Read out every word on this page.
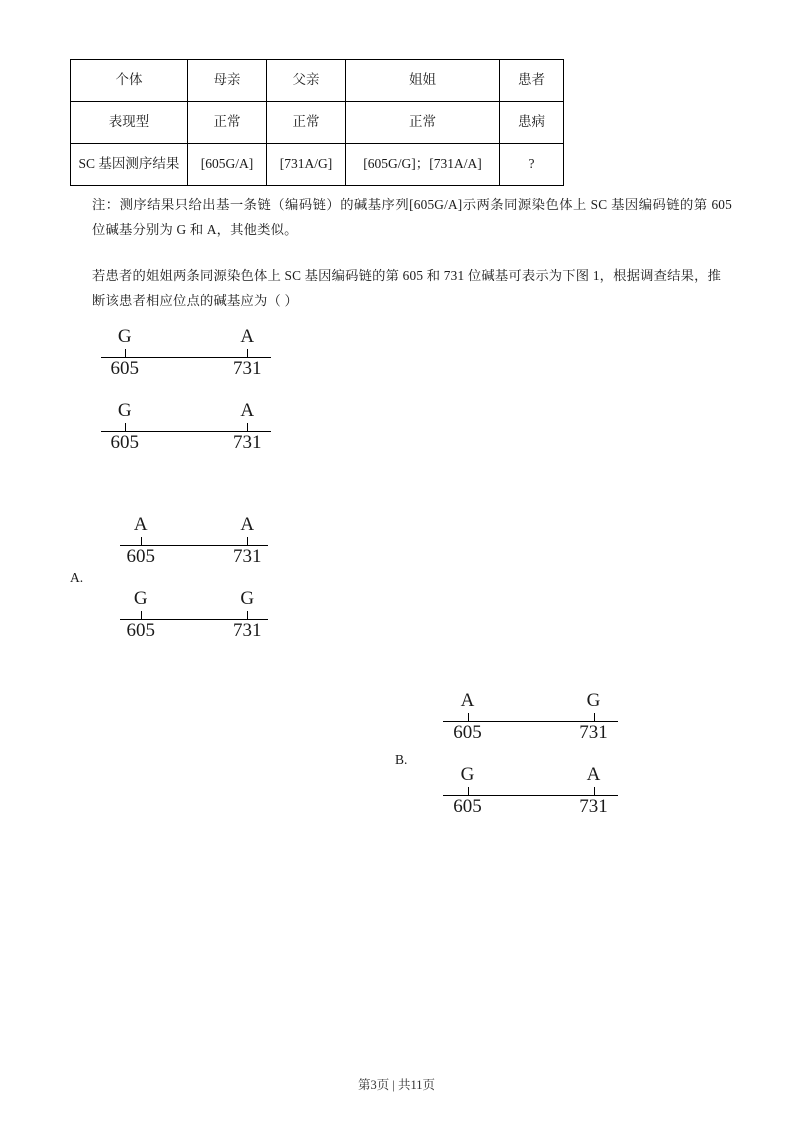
个体	母亲	父亲	姐姐	患者
表现型	正常	正常	正常	患病
SC 基因测序结果	[605G/A]	[731A/G]	[605G/G]；[731A/A]	?
注：测序结果只给出基一条链（编码链）的碱基序列[605G/A]示两条同源染色体上 SC 基因编码链的第 605 位碱基分别为 G 和 A，其他类似。
若患者的姐姐两条同源染色体上 SC 基因编码链的第 605 和 731 位碱基可表示为下图 1，根据调查结果，推
断该患者相应位点的碱基应为（ ）
G	A
605	731
G	A
605	731
A.
A	A
605	731
G	G
605	731
B.
A	G
605	731
G	A
605	731
第3页 | 共11页
